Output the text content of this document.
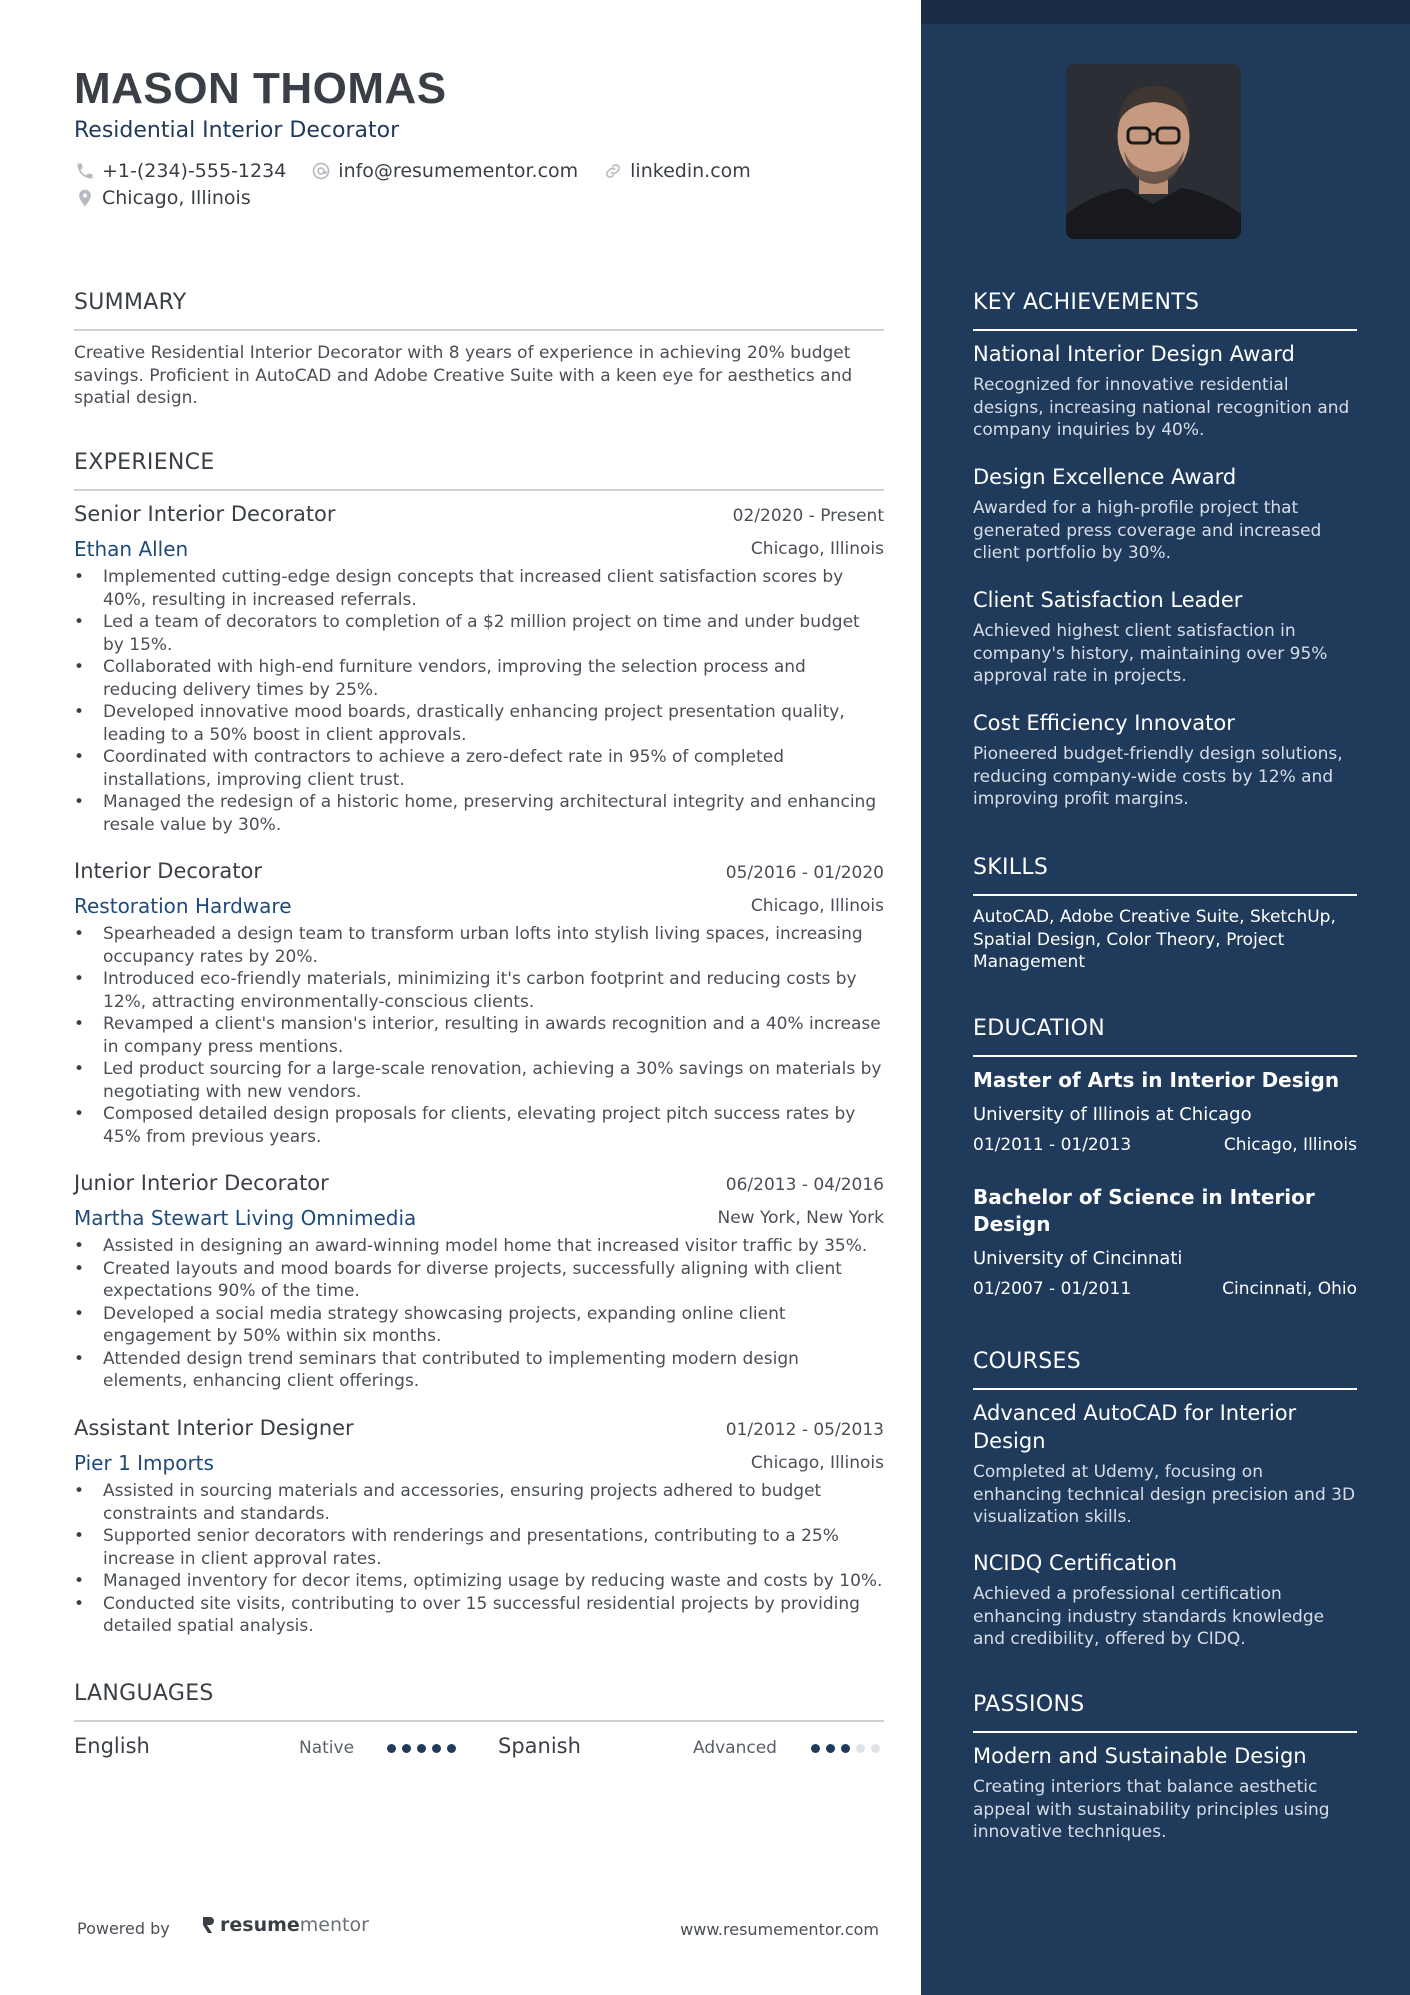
MASON THOMAS
Residential Interior Decorator
+1-(234)-555-1234	info@resumementor.com	linkedin.com
Chicago, Illinois
SUMMARY
Creative Residential Interior Decorator with 8 years of experience in achieving 20% budget savings. Proficient in AutoCAD and Adobe Creative Suite with a keen eye for aesthetics and spatial design.
EXPERIENCE
Senior Interior Decorator	02/2020 - Present
Ethan Allen	Chicago, Illinois
• Implemented cutting-edge design concepts that increased client satisfaction scores by 40%, resulting in increased referrals.
• Led a team of decorators to completion of a $2 million project on time and under budget by 15%.
• Collaborated with high-end furniture vendors, improving the selection process and reducing delivery times by 25%.
• Developed innovative mood boards, drastically enhancing project presentation quality, leading to a 50% boost in client approvals.
• Coordinated with contractors to achieve a zero-defect rate in 95% of completed installations, improving client trust.
• Managed the redesign of a historic home, preserving architectural integrity and enhancing resale value by 30%.
Interior Decorator	05/2016 - 01/2020
Restoration Hardware	Chicago, Illinois
• Spearheaded a design team to transform urban lofts into stylish living spaces, increasing occupancy rates by 20%.
• Introduced eco-friendly materials, minimizing it's carbon footprint and reducing costs by 12%, attracting environmentally-conscious clients.
• Revamped a client's mansion's interior, resulting in awards recognition and a 40% increase in company press mentions.
• Led product sourcing for a large-scale renovation, achieving a 30% savings on materials by negotiating with new vendors.
• Composed detailed design proposals for clients, elevating project pitch success rates by 45% from previous years.
Junior Interior Decorator	06/2013 - 04/2016
Martha Stewart Living Omnimedia	New York, New York
• Assisted in designing an award-winning model home that increased visitor traffic by 35%.
• Created layouts and mood boards for diverse projects, successfully aligning with client expectations 90% of the time.
• Developed a social media strategy showcasing projects, expanding online client engagement by 50% within six months.
• Attended design trend seminars that contributed to implementing modern design elements, enhancing client offerings.
Assistant Interior Designer	01/2012 - 05/2013
Pier 1 Imports	Chicago, Illinois
• Assisted in sourcing materials and accessories, ensuring projects adhered to budget constraints and standards.
• Supported senior decorators with renderings and presentations, contributing to a 25% increase in client approval rates.
• Managed inventory for decor items, optimizing usage by reducing waste and costs by 10%.
• Conducted site visits, contributing to over 15 successful residential projects by providing detailed spatial analysis.
LANGUAGES
English	Native	Spanish	Advanced
Powered by	resume mentor	www.resumementor.com
KEY ACHIEVEMENTS
National Interior Design Award
Recognized for innovative residential designs, increasing national recognition and company inquiries by 40%.
Design Excellence Award
Awarded for a high-profile project that generated press coverage and increased client portfolio by 30%.
Client Satisfaction Leader
Achieved highest client satisfaction in company's history, maintaining over 95% approval rate in projects.
Cost Efficiency Innovator
Pioneered budget-friendly design solutions, reducing company-wide costs by 12% and improving profit margins.
SKILLS
AutoCAD, Adobe Creative Suite, SketchUp, Spatial Design, Color Theory, Project Management
EDUCATION
Master of Arts in Interior Design
University of Illinois at Chicago
01/2011 - 01/2013	Chicago, Illinois
Bachelor of Science in Interior Design
University of Cincinnati
01/2007 - 01/2011	Cincinnati, Ohio
COURSES
Advanced AutoCAD for Interior Design
Completed at Udemy, focusing on enhancing technical design precision and 3D visualization skills.
NCIDQ Certification
Achieved a professional certification enhancing industry standards knowledge and credibility, offered by CIDQ.
PASSIONS
Modern and Sustainable Design
Creating interiors that balance aesthetic appeal with sustainability principles using innovative techniques.
